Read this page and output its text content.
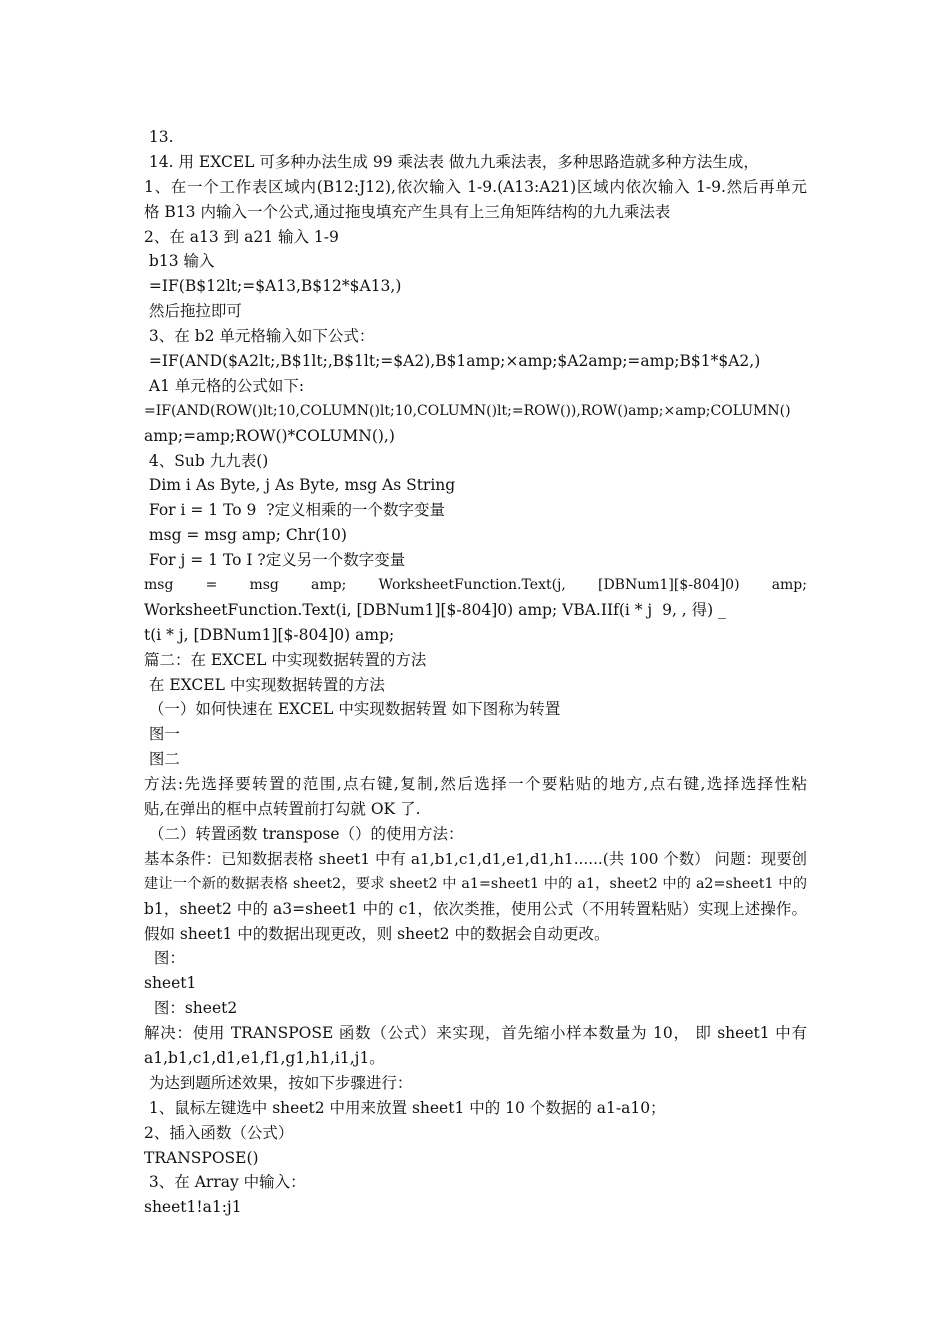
13.
14. 用 EXCEL 可多种办法生成 99 乘法表 做九九乘法表，多种思路造就多种方法生成，
1、在一个工作表区域内(B12:J12),依次输入 1-9.(A13:A21)区域内依次输入 1-9.然后再单元
格 B13 内输入一个公式,通过拖曳填充产生具有上三角矩阵结构的九九乘法表
2、在 a13 到 a21 输入 1-9
b13 输入
=IF(B$12lt;=$A13,B$12*$A13,)
然后拖拉即可
3、在 b2 单元格输入如下公式：
=IF(AND($A2lt;,B$1lt;,B$1lt;=$A2),B$1amp;×amp;$A2amp;=amp;B$1*$A2,)
A1 单元格的公式如下:
=IF(AND(ROW()lt;10,COLUMN()lt;10,COLUMN()lt;=ROW()),ROW()amp;×amp;COLUMN()
amp;=amp;ROW()*COLUMN(),)
4、Sub 九九表()
Dim i As Byte, j As Byte, msg As String
For i = 1 To 9  ?定义相乘的一个数字变量
msg = msg amp; Chr(10)
For j = 1 To I ?定义另一个数字变量
msg = msg amp; WorksheetFunction.Text(j, [DBNum1][$-804]0) amp;
WorksheetFunction.Text(i, [DBNum1][$-804]0) amp; VBA.IIf(i * j  9, , 得) _
t(i * j, [DBNum1][$-804]0) amp;
篇二：在 EXCEL 中实现数据转置的方法
在 EXCEL 中实现数据转置的方法
（一）如何快速在 EXCEL 中实现数据转置 如下图称为转置
图一
图二
方法:先选择要转置的范围,点右键,复制,然后选择一个要粘贴的地方,点右键,选择选择性粘
贴,在弹出的框中点转置前打勾就 OK 了.
（二）转置函数 transpose（）的使用方法：
基本条件：已知数据表格 sheet1 中有 a1,b1,c1,d1,e1,d1,h1......(共 100 个数） 问题：现要创
建让一个新的数据表格 sheet2，要求 sheet2 中 a1=sheet1 中的 a1，sheet2 中的 a2=sheet1 中的
b1，sheet2 中的 a3=sheet1 中的 c1，依次类推，使用公式（不用转置粘贴）实现上述操作。
假如 sheet1 中的数据出现更改，则 sheet2 中的数据会自动更改。
图：
sheet1
图：sheet2
解决：使用 TRANSPOSE 函数（公式）来实现，首先缩小样本数量为 10， 即 sheet1 中有
a1,b1,c1,d1,e1,f1,g1,h1,i1,j1。
为达到题所述效果，按如下步骤进行：
1、鼠标左键选中 sheet2 中用来放置 sheet1 中的 10 个数据的 a1-a10；
2、插入函数（公式）
TRANSPOSE()
3、在 Array 中输入：
sheet1!a1:j1
